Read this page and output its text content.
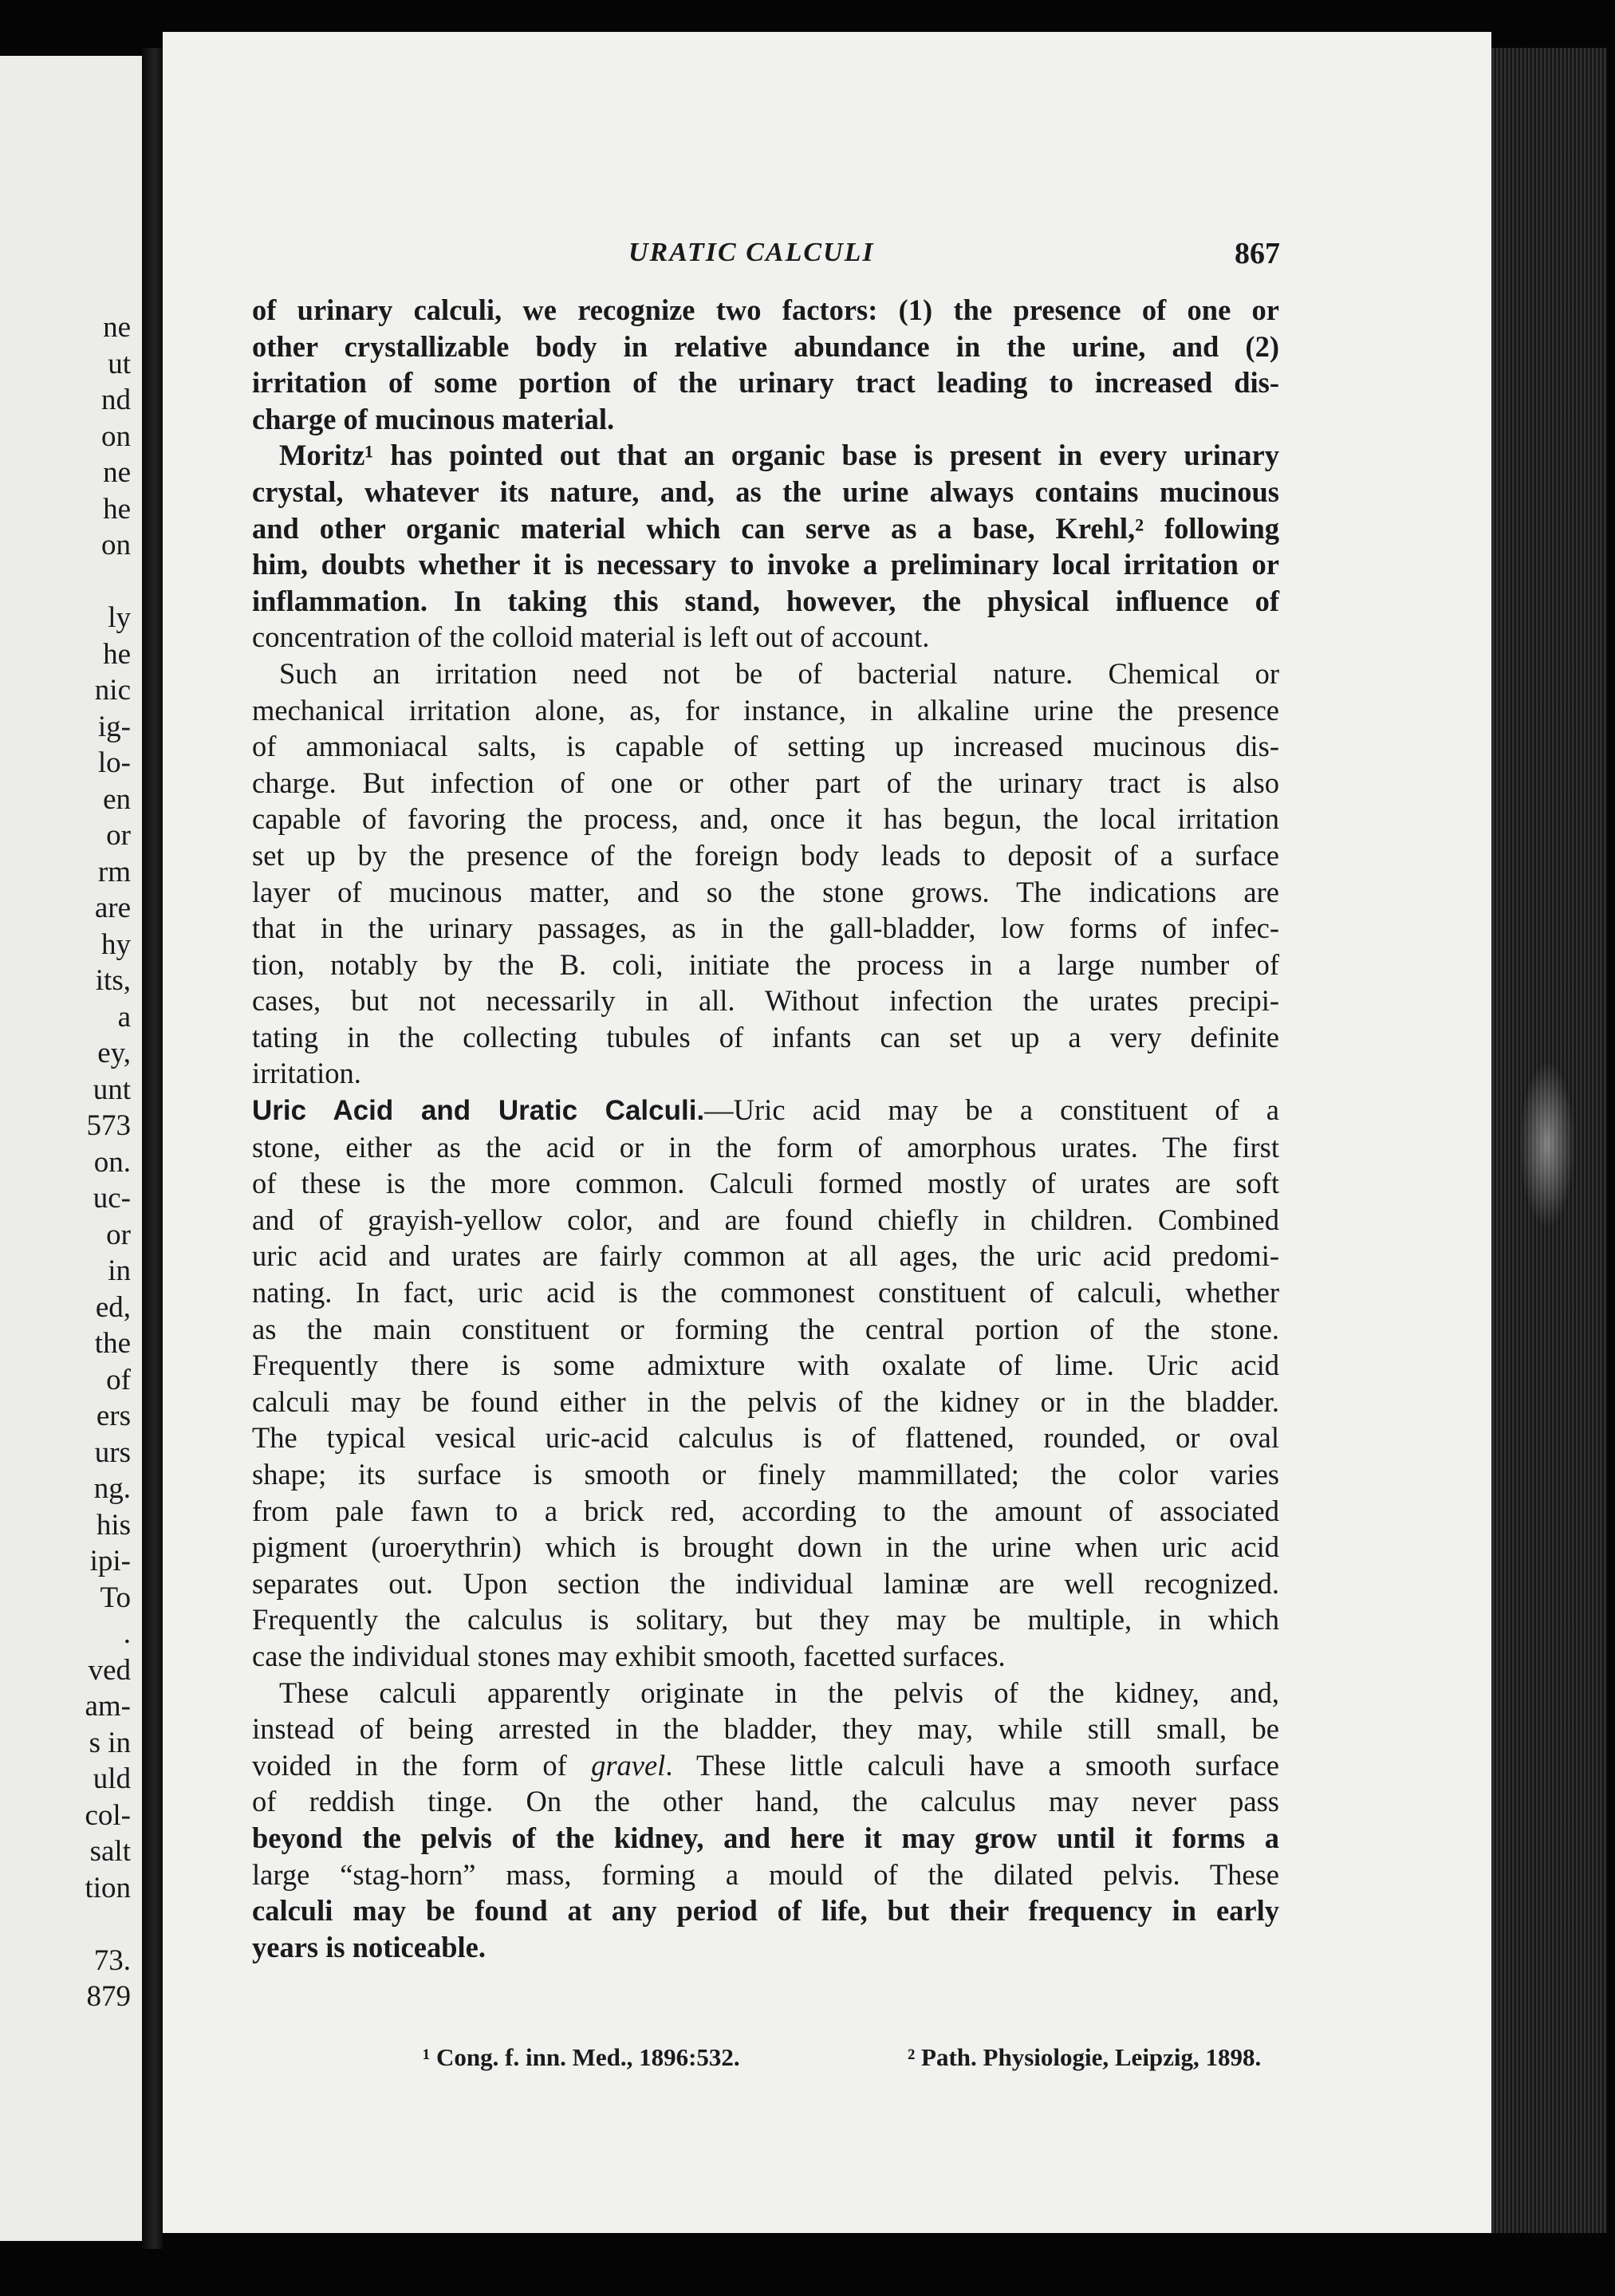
ne
ut
nd
on
ne
he
on

ly
he
nic
ig-
lo-
en
or
rm
are
hy
its,
a
ey,
unt
573
on.
uc-
or
in
ed,
the
of
ers
urs
ng.
his
ipi-
To
.
ved
am-
s in
uld
col-
salt
tion

73.
879
URATIC CALCULI	867
of urinary calculi, we recognize two factors: (1) the presence of one or
other crystallizable body in relative abundance in the urine, and (2)
irritation of some portion of the urinary tract leading to increased dis-
charge of mucinous material.
Moritz¹ has pointed out that an organic base is present in every urinary
crystal, whatever its nature, and, as the urine always contains mucinous
and other organic material which can serve as a base, Krehl,² following
him, doubts whether it is necessary to invoke a preliminary local irritation or
inflammation. In taking this stand, however, the physical influence of
concentration of the colloid material is left out of account.
Such an irritation need not be of bacterial nature. Chemical or
mechanical irritation alone, as, for instance, in alkaline urine the presence
of ammoniacal salts, is capable of setting up increased mucinous dis-
charge. But infection of one or other part of the urinary tract is also
capable of favoring the process, and, once it has begun, the local irritation
set up by the presence of the foreign body leads to deposit of a surface
layer of mucinous matter, and so the stone grows. The indications are
that in the urinary passages, as in the gall-bladder, low forms of infec-
tion, notably by the B. coli, initiate the process in a large number of
cases, but not necessarily in all. Without infection the urates precipi-
tating in the collecting tubules of infants can set up a very definite
irritation.
Uric Acid and Uratic Calculi.—Uric acid may be a constituent of a
stone, either as the acid or in the form of amorphous urates. The first
of these is the more common. Calculi formed mostly of urates are soft
and of grayish-yellow color, and are found chiefly in children. Combined
uric acid and urates are fairly common at all ages, the uric acid predomi-
nating. In fact, uric acid is the commonest constituent of calculi, whether
as the main constituent or forming the central portion of the stone.
Frequently there is some admixture with oxalate of lime. Uric acid
calculi may be found either in the pelvis of the kidney or in the bladder.
The typical vesical uric-acid calculus is of flattened, rounded, or oval
shape; its surface is smooth or finely mammillated; the color varies
from pale fawn to a brick red, according to the amount of associated
pigment (uroerythrin) which is brought down in the urine when uric acid
separates out. Upon section the individual laminæ are well recognized.
Frequently the calculus is solitary, but they may be multiple, in which
case the individual stones may exhibit smooth, facetted surfaces.
These calculi apparently originate in the pelvis of the kidney, and,
instead of being arrested in the bladder, they may, while still small, be
voided in the form of gravel. These little calculi have a smooth surface
of reddish tinge. On the other hand, the calculus may never pass
beyond the pelvis of the kidney, and here it may grow until it forms a
large “stag-horn” mass, forming a mould of the dilated pelvis. These
calculi may be found at any period of life, but their frequency in early
years is noticeable.
¹ Cong. f. inn. Med., 1896:532.	² Path. Physiologie, Leipzig, 1898.
